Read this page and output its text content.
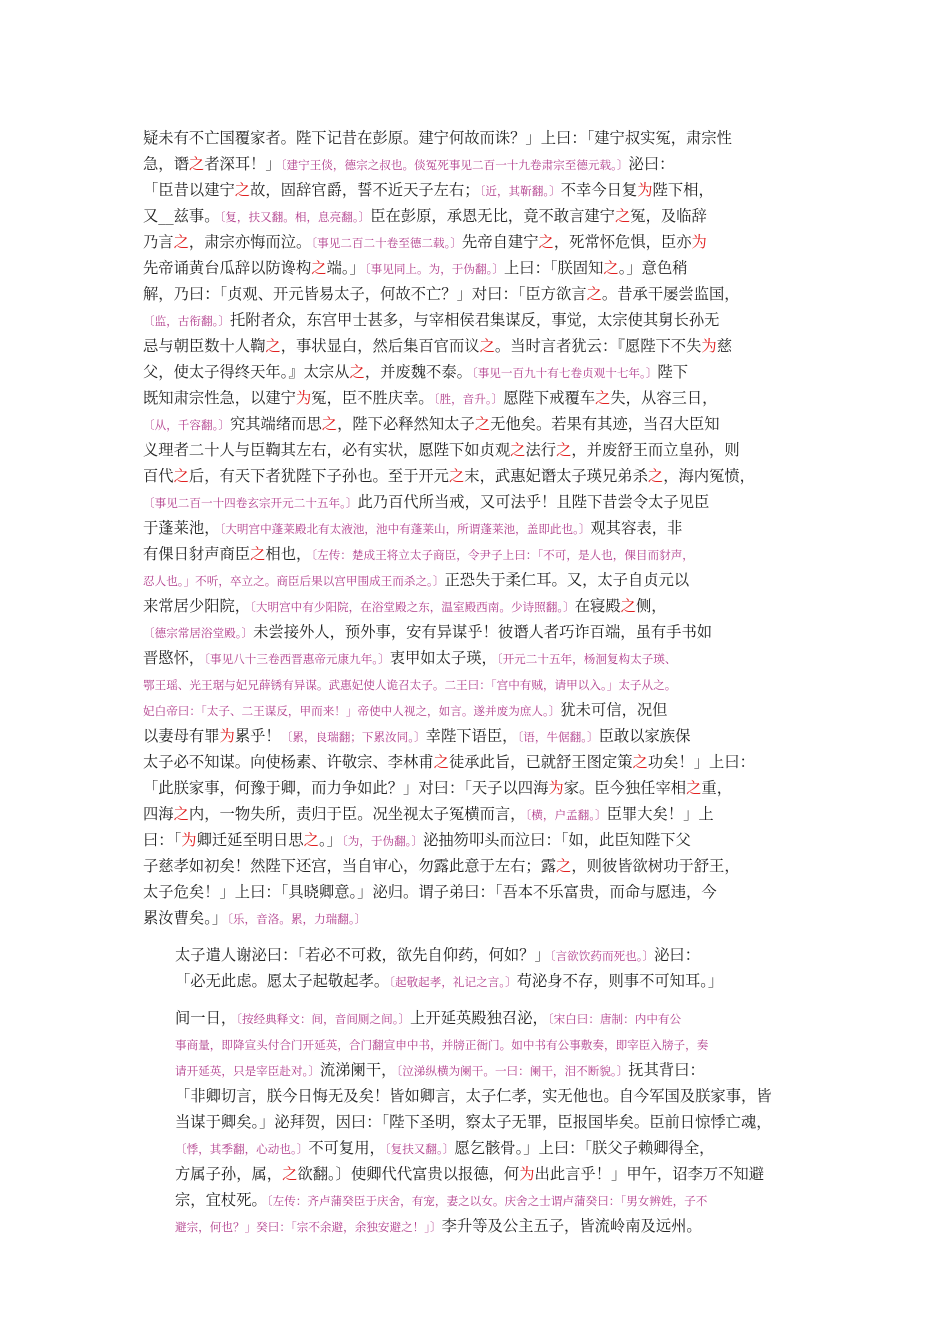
疑未有不亡国覆家者。陛下记昔在彭原。建宁何故而诛？」上曰：「建宁叔实冤，肃宗性
急，谮之者深耳！」〔建宁王倓，德宗之叔也。倓冤死事见二百一十九卷肃宗至德元载。〕泌曰：
「臣昔以建宁之故，固辞官爵，誓不近天子左右；〔近，其靳翻。〕不幸今日复为陛下相，
又__兹事。〔复，扶又翻。相，息亮翻。〕臣在彭原，承恩无比，竟不敢言建宁之冤，及临辞
乃言之，肃宗亦悔而泣。〔事见二百二十卷至德二载。〕先帝自建宁之，死常怀危惧，臣亦为
先帝诵黄台瓜辞以防谗构之端。」〔事见同上。为，于伪翻。〕上曰：「朕固知之。」意色稍
解，乃曰：「贞观、开元皆易太子，何故不亡？」对曰：「臣方欲言之。昔承干屡尝监国，
〔监，古衔翻。〕托附者众，东宫甲士甚多，与宰相侯君集谋反，事觉，太宗使其舅长孙无
忌与朝臣数十人鞫之，事状显白，然后集百官而议之。当时言者犹云：『愿陛下不失为慈
父，使太子得终天年。』太宗从之，并废魏不泰。〔事见一百九十有七卷贞观十七年。〕陛下
既知肃宗性急，以建宁为冤，臣不胜庆幸。〔胜，音升。〕愿陛下戒覆车之失，从容三日，
〔从，千容翻。〕究其端绪而思之，陛下必释然知太子之无他矣。若果有其迹，当召大臣知
义理者二十人与臣鞫其左右，必有实状，愿陛下如贞观之法行之，并废舒王而立皇孙，则
百代之后，有天下者犹陛下子孙也。至于开元之末，武惠妃谮太子瑛兄弟杀之，海内冤愤，
〔事见二百一十四卷玄宗开元二十五年。〕此乃百代所当戒，又可法乎！且陛下昔尝令太子见臣
于蓬莱池，〔大明宫中蓬莱殿北有太液池，池中有蓬莱山，所谓蓬莱池，盖即此也。〕观其容表，非
有倮日豺声商臣之相也，〔左传：楚成王将立太子商臣，令尹子上曰：「不可，是人也，倮目而豺声，
忍人也。」不听，卒立之。商臣后果以宫甲围成王而杀之。〕正恐失于柔仁耳。又，太子自贞元以
来常居少阳院，〔大明宫中有少阳院，在浴堂殿之东，温室殿西南。少诗照翻。〕在寝殿之侧，
〔德宗常居浴堂殿。〕未尝接外人，预外事，安有异谋乎！彼谮人者巧诈百端，虽有手书如
晋愍怀，〔事见八十三卷西晋惠帝元康九年。〕衷甲如太子瑛，〔开元二十五年，杨洄复构太子瑛、
鄂王瑶、光王琚与妃兄薛锈有异谋。武惠妃使人诡召太子。二王曰：「宫中有贼，请甲以入。」太子从之。
妃白帝曰：「太子、二王谋反，甲而来！」帝使中人视之，如言。遂并废为庶人。〕犹未可信，况但
以妻母有罪为累乎！〔累，良瑞翻；下累汝同。〕幸陛下语臣，〔语，牛倨翻。〕臣敢以家族保
太子必不知谋。向使杨素、许敬宗、李林甫之徒承此旨，已就舒王图定策之功矣！」上曰：
「此朕家事，何豫于卿，而力争如此？」对曰：「天子以四海为家。臣今独任宰相之重，
四海之内，一物失所，责归于臣。况坐视太子冤横而言，〔横，户孟翻。〕臣罪大矣！」上
曰：「为卿迁延至明日思之。」〔为，于伪翻。〕泌抽笏叩头而泣曰：「如，此臣知陛下父
子慈孝如初矣！然陛下还宫，当自审心，勿露此意于左右；露之，则彼皆欲树功于舒王，
太子危矣！」上曰：「具晓卿意。」泌归。谓子弟曰：「吾本不乐富贵，而命与愿违，今
累汝曹矣。」〔乐，音洛。累，力瑞翻。〕
太子遣人谢泌曰：「若必不可救，欲先自仰药，何如？」〔言欲饮药而死也。〕泌曰：
「必无此虑。愿太子起敬起孝。〔起敬起孝，礼记之言。〕苟泌身不存，则事不可知耳。」
间一日，〔按经典释文：间，音间厕之间。〕上开延英殿独召泌，〔宋白曰：唐制：内中有公
事商量，即降宣头付合门开延英，合门翻宣申中书，并牓正衙门。如中书有公事敷奏，即宰臣入牓子，奏
请开延英，只是宰臣赴对。〕流涕阑干，〔泣涕纵横为阑干。一曰：阑干，泪不断貌。〕抚其背曰：
「非卿切言，朕今日悔无及矣！皆如卿言，太子仁孝，实无他也。自今军国及朕家事，皆
当谋于卿矣。」泌拜贺，因曰：「陛下圣明，察太子无罪，臣报国毕矣。臣前日惊悸亡魂，
〔悸，其季翻，心动也。〕不可复用，〔复扶又翻。〕愿乞骸骨。」上曰：「朕父子赖卿得全，
方属子孙，属，之欲翻。〕使卿代代富贵以报德，何为出此言乎！」甲午，诏李万不知避
宗，宜杖死。〔左传：齐卢蒲癸臣于庆舍，有宠，妻之以女。庆舍之士谓卢蒲癸曰：「男女辨姓，子不
避宗，何也？」癸曰：「宗不余避，余独安避之！」〕李升等及公主五子，皆流岭南及远州。
